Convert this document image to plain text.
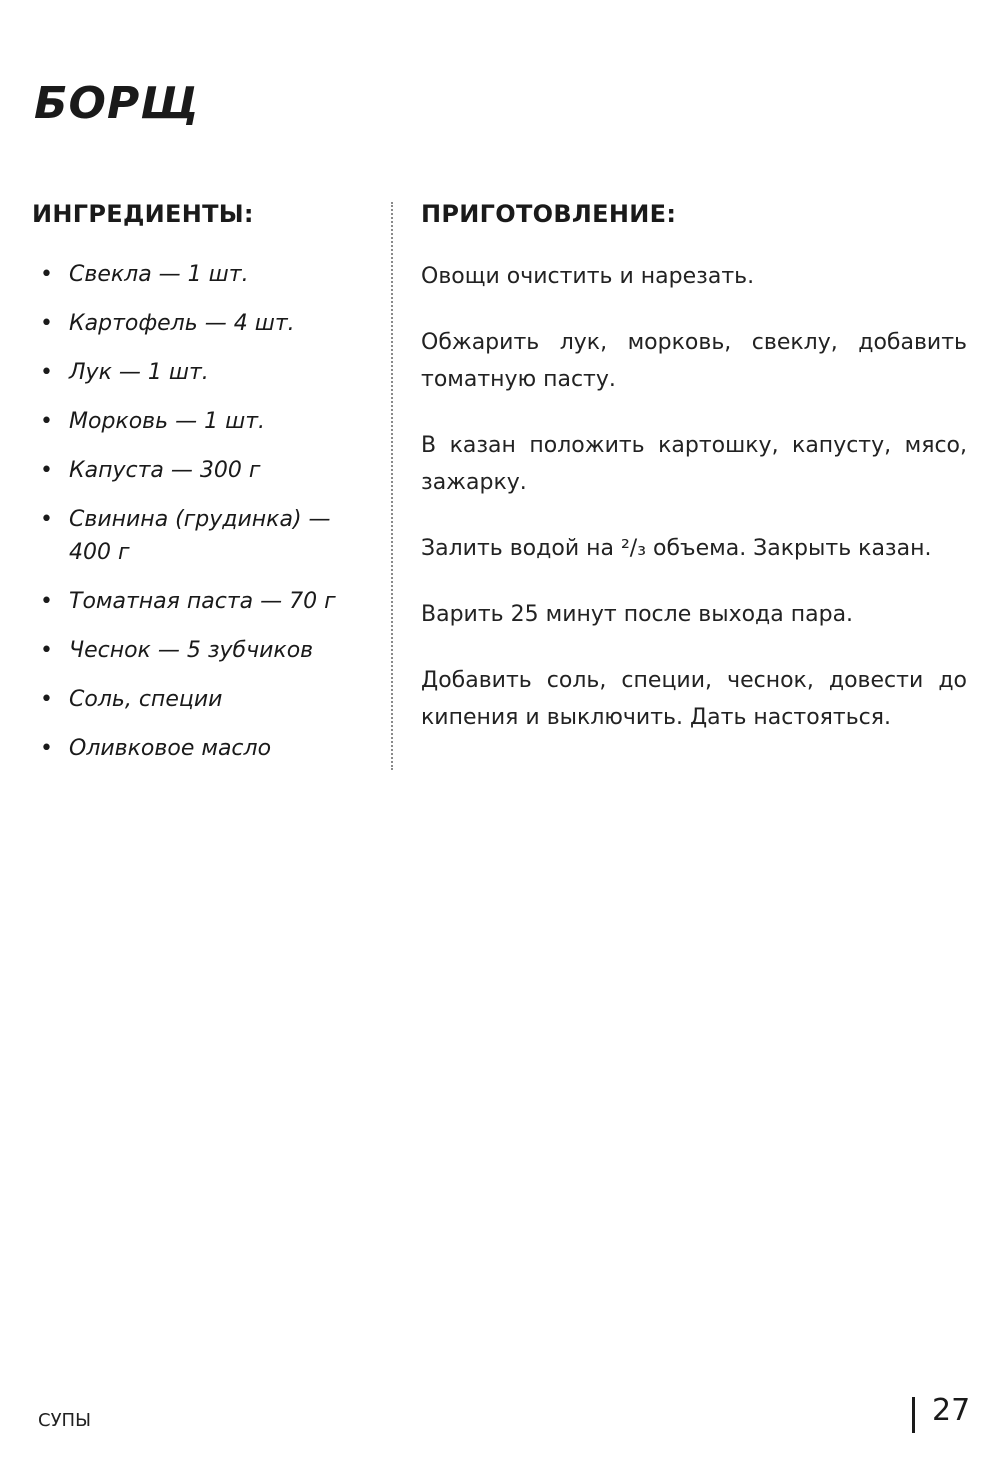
БОРЩ
ИНГРЕДИЕНТЫ:
• Свекла — 1 шт.
• Картофель — 4 шт.
• Лук — 1 шт.
• Морковь — 1 шт.
• Капуста — 300 г
• Свинина (грудинка) — 400 г
• Томатная паста — 70 г
• Чеснок — 5 зубчиков
• Соль, специи
• Оливковое масло
ПРИГОТОВЛЕНИЕ:

Овощи очистить и нарезать.

Обжарить лук, морковь, свеклу, добавить томатную пасту.

В казан положить картошку, капусту, мясо, зажарку.

Залить водой на ²/₃ объема. Закрыть казан.

Варить 25 минут после выхода пара.

Добавить соль, специи, чеснок, довести до кипения и выключить. Дать настояться.

СУПЫ	27
